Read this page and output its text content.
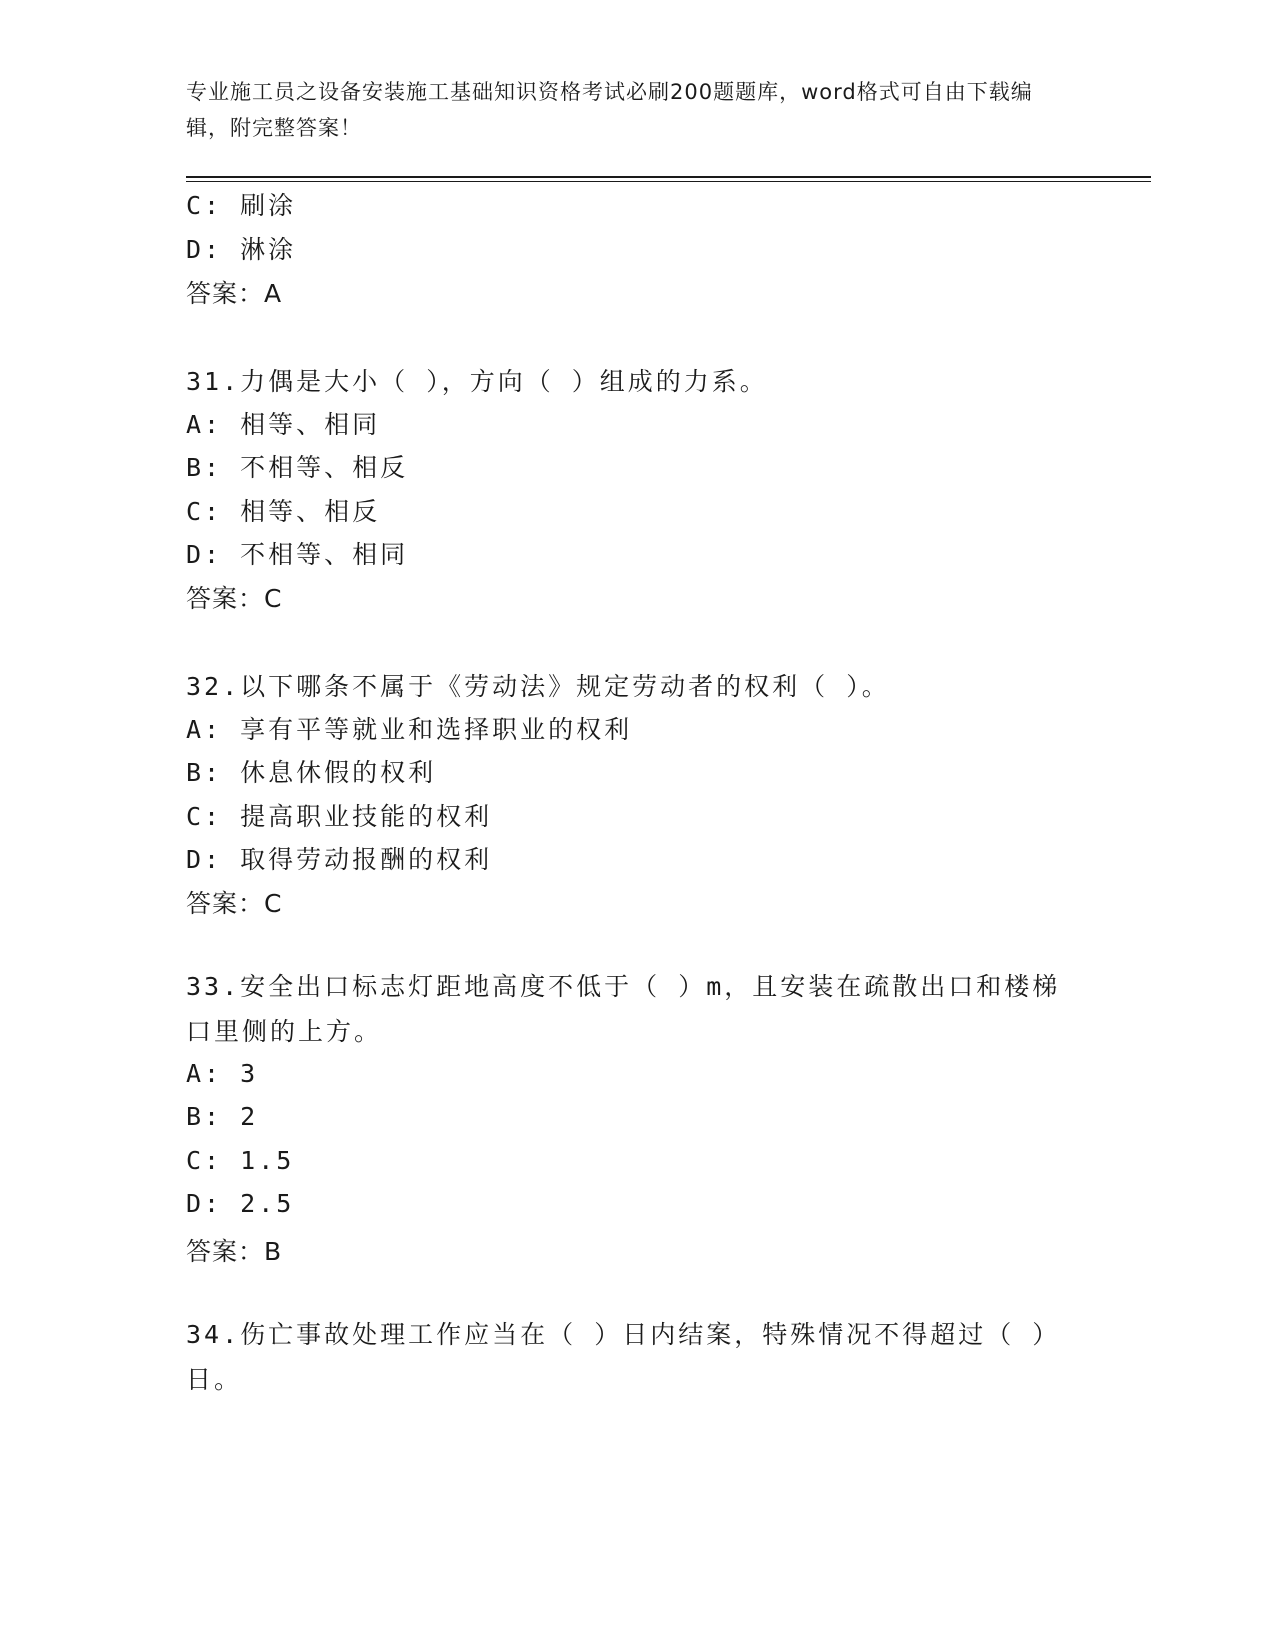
专业施工员之设备安装施工基础知识资格考试必刷200题题库，word格式可自由下载编辑，附完整答案！
C: 刷涂
D: 淋涂
答案：A
31.力偶是大小（ ），方向（ ）组成的力系。
A: 相等、相同
B: 不相等、相反
C: 相等、相反
D: 不相等、相同
答案：C
32.以下哪条不属于《劳动法》规定劳动者的权利（ ）。
A: 享有平等就业和选择职业的权利
B: 休息休假的权利
C: 提高职业技能的权利
D: 取得劳动报酬的权利
答案：C
33.安全出口标志灯距地高度不低于（ ）m，且安装在疏散出口和楼梯口里侧的上方。
A: 3
B: 2
C: 1.5
D: 2.5
答案：B
34.伤亡事故处理工作应当在（ ）日内结案，特殊情况不得超过（ ）日。
